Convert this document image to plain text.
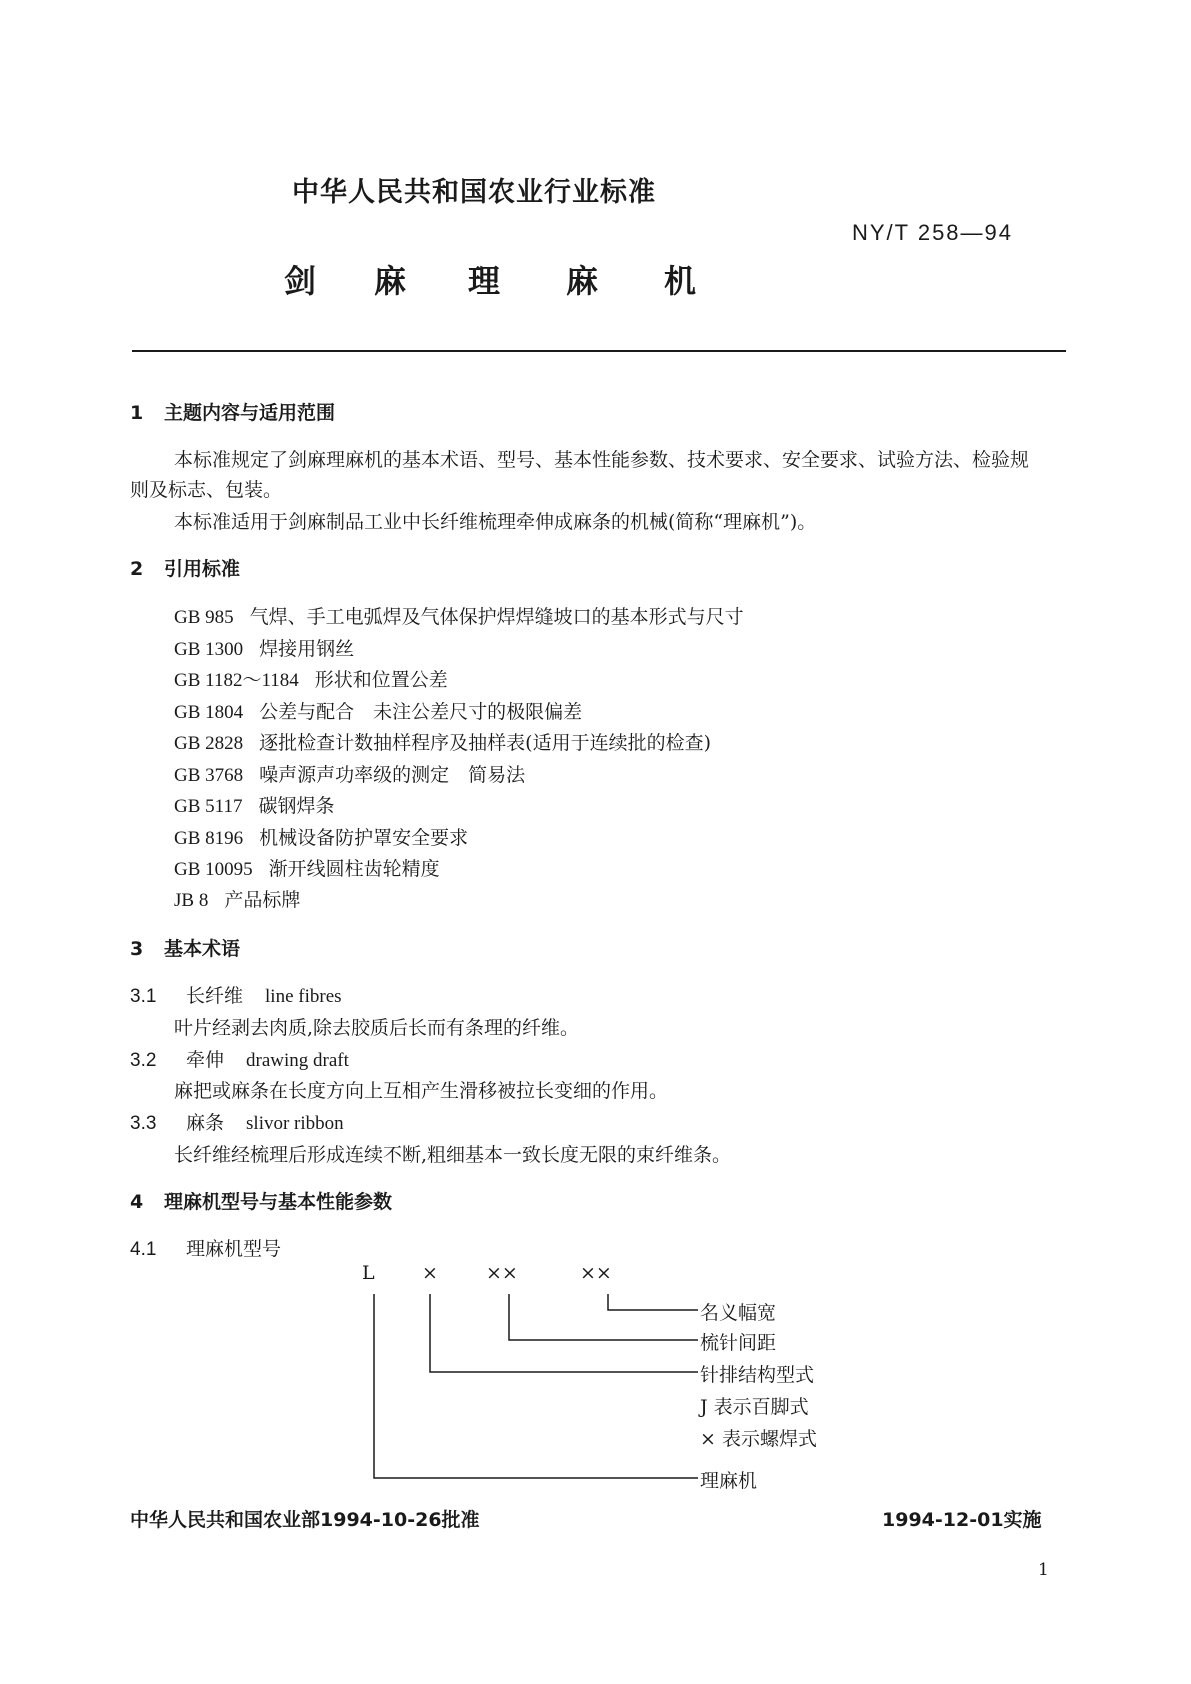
中华人民共和国农业行业标准
NY/T 258—94
剑 麻 理 麻 机
1 主题内容与适用范围
本标准规定了剑麻理麻机的基本术语、型号、基本性能参数、技术要求、安全要求、试验方法、检验规
则及标志、包装。
本标准适用于剑麻制品工业中长纤维梳理牵伸成麻条的机械(简称“理麻机”)。
2 引用标准
GB 985 气焊、手工电弧焊及气体保护焊焊缝坡口的基本形式与尺寸
GB 1300 焊接用钢丝
GB 1182～1184 形状和位置公差
GB 1804 公差与配合　未注公差尺寸的极限偏差
GB 2828 逐批检查计数抽样程序及抽样表(适用于连续批的检查)
GB 3768 噪声源声功率级的测定　简易法
GB 5117 碳钢焊条
GB 8196 机械设备防护罩安全要求
GB 10095 渐开线圆柱齿轮精度
JB 8 产品标牌
3 基本术语
3.1 长纤维 line fibres
叶片经剥去肉质,除去胶质后长而有条理的纤维。
3.2 牵伸 drawing draft
麻把或麻条在长度方向上互相产生滑移被拉长变细的作用。
3.3 麻条 slivor ribbon
长纤维经梳理后形成连续不断,粗细基本一致长度无限的束纤维条。
4 理麻机型号与基本性能参数
4.1 理麻机型号
L ×	××	××
名义幅宽
梳针间距
针排结构型式
J 表示百脚式
× 表示螺焊式
理麻机
中华人民共和国农业部1994-10-26批准	1994-12-01实施
1
